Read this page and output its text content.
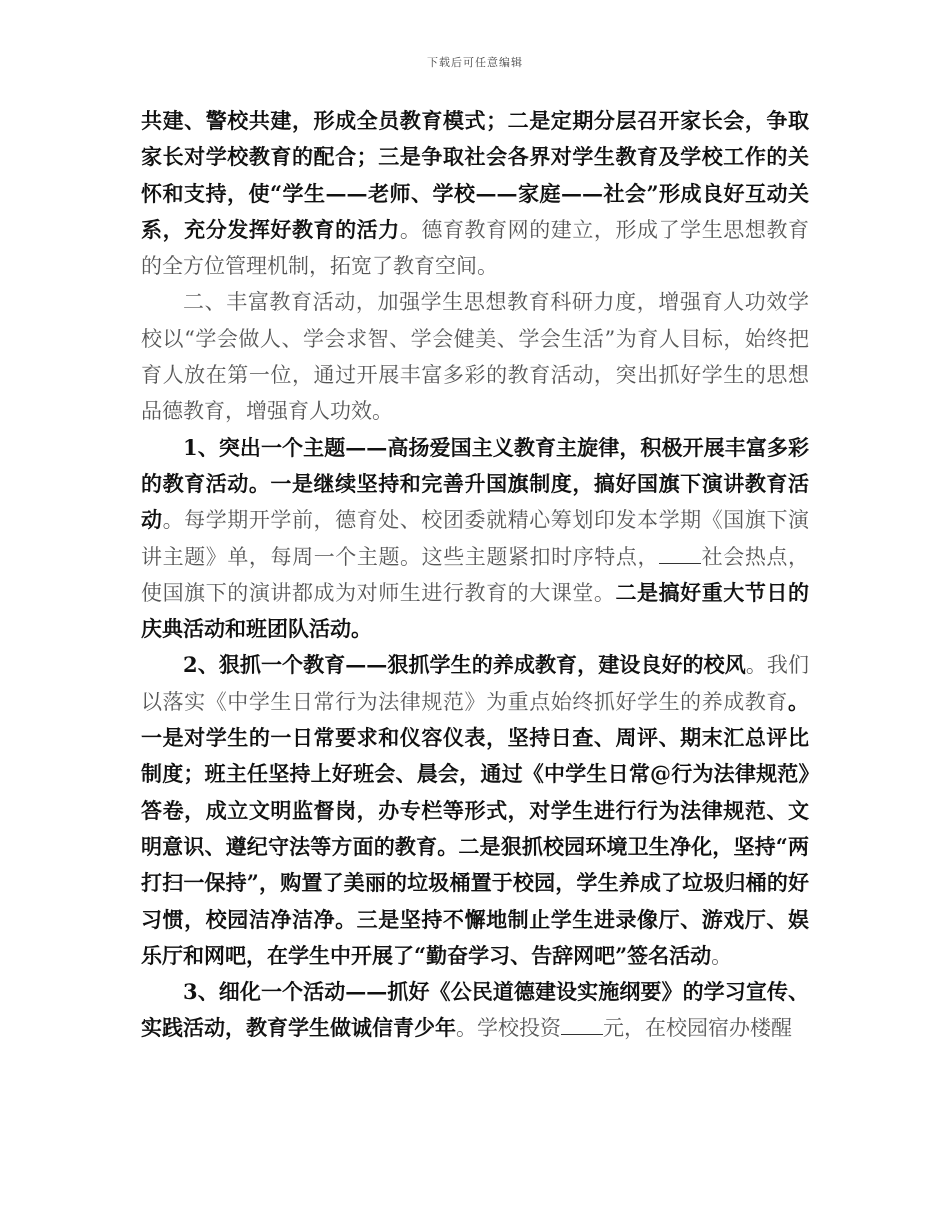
下载后可任意编辑

共建、警校共建，形成全员教育模式；二是定期分层召开家长会，争取家长对学校教育的配合；三是争取社会各界对学生教育及学校工作的关怀和支持，使“学生——老师、学校——家庭——社会”形成良好互动关系，充分发挥好教育的活力。德育教育网的建立，形成了学生思想教育的全方位管理机制，拓宽了教育空间。

二、丰富教育活动，加强学生思想教育科研力度，增强育人功效学校以“学会做人、学会求智、学会健美、学会生活”为育人目标，始终把育人放在第一位，通过开展丰富多彩的教育活动，突出抓好学生的思想品德教育，增强育人功效。

1、突出一个主题——高扬爱国主义教育主旋律，积极开展丰富多彩的教育活动。一是继续坚持和完善升国旗制度，搞好国旗下演讲教育活动。每学期开学前，德育处、校团委就精心筹划印发本学期《国旗下演讲主题》单，每周一个主题。这些主题紧扣时序特点， 社会热点，使国旗下的演讲都成为对师生进行教育的大课堂。二是搞好重大节日的庆典活动和班团队活动。

2、狠抓一个教育——狠抓学生的养成教育，建设良好的校风。我们以落实《中学生日常行为法律规范》为重点始终抓好学生的养成教育。一是对学生的一日常要求和仪容仪表，坚持日查、周评、期末汇总评比制度；班主任坚持上好班会、晨会，通过《中学生日常@行为法律规范》答卷，成立文明监督岗，办专栏等形式，对学生进行行为法律规范、文明意识、遵纪守法等方面的教育。二是狠抓校园环境卫生净化，坚持“两打扫一保持”，购置了美丽的垃圾桶置于校园，学生养成了垃圾归桶的好习惯，校园洁净洁净。三是坚持不懈地制止学生进录像厅、游戏厅、娱乐厅和网吧，在学生中开展了“勤奋学习、告辞网吧”签名活动。

3、细化一个活动——抓好《公民道德建设实施纲要》的学习宣传、实践活动，教育学生做诚信青少年。学校投资 元，在校园宿办楼醒
